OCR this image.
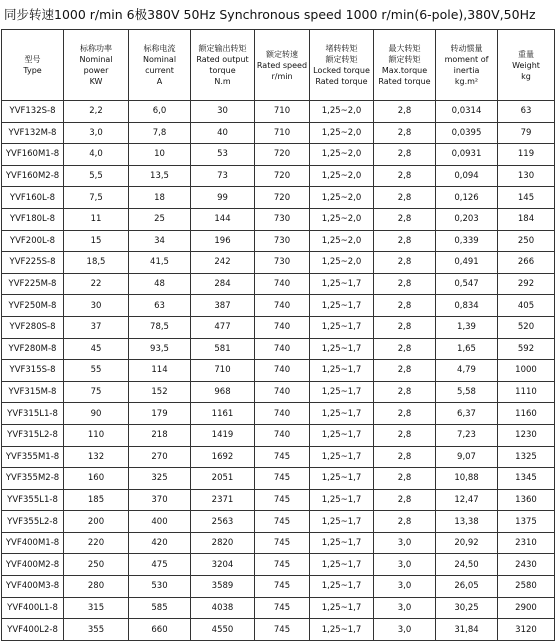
同步转速1000 r/min 6极380V 50Hz Synchronous speed 1000 r/min(6-pole),380V,50Hz
型号
Type	标称功率
Nominal
power
KW	标称电流
Nominal
current
A	额定输出转矩
Rated output
torque
N.m	额定转速
Rated speed
r/min	堵转转矩
额定转矩
Locked torque
Rated torque	最大转矩
额定转矩
Max.torque
Rated torque	转动惯量
moment of
inertia
kg.m²	重量
Weight
kg

YVF132S-8	2,2	6,0	30	710	1,25~2,0	2,8	0,0314	63
YVF132M-8	3,0	7,8	40	710	1,25~2,0	2,8	0,0395	79
YVF160M1-8	4,0	10	53	720	1,25~2,0	2,8	0,0931	119
YVF160M2-8	5,5	13,5	73	720	1,25~2,0	2,8	0,094	130
YVF160L-8	7,5	18	99	720	1,25~2,0	2,8	0,126	145
YVF180L-8	11	25	144	730	1,25~2,0	2,8	0,203	184
YVF200L-8	15	34	196	730	1,25~2,0	2,8	0,339	250
YVF225S-8	18,5	41,5	242	730	1,25~2,0	2,8	0,491	266
YVF225M-8	22	48	284	740	1,25~1,7	2,8	0,547	292
YVF250M-8	30	63	387	740	1,25~1,7	2,8	0,834	405
YVF280S-8	37	78,5	477	740	1,25~1,7	2,8	1,39	520
YVF280M-8	45	93,5	581	740	1,25~1,7	2,8	1,65	592
YVF315S-8	55	114	710	740	1,25~1,7	2,8	4,79	1000
YVF315M-8	75	152	968	740	1,25~1,7	2,8	5,58	1110
YVF315L1-8	90	179	1161	740	1,25~1,7	2,8	6,37	1160
YVF315L2-8	110	218	1419	740	1,25~1,7	2,8	7,23	1230
YVF355M1-8	132	270	1692	745	1,25~1,7	2,8	9,07	1325
YVF355M2-8	160	325	2051	745	1,25~1,7	2,8	10,88	1345
YVF355L1-8	185	370	2371	745	1,25~1,7	2,8	12,47	1360
YVF355L2-8	200	400	2563	745	1,25~1,7	2,8	13,38	1375
YVF400M1-8	220	420	2820	745	1,25~1,7	3,0	20,92	2310
YVF400M2-8	250	475	3204	745	1,25~1,7	3,0	24,50	2430
YVF400M3-8	280	530	3589	745	1,25~1,7	3,0	26,05	2580
YVF400L1-8	315	585	4038	745	1,25~1,7	3,0	30,25	2900
YVF400L2-8	355	660	4550	745	1,25~1,7	3,0	31,84	3120
